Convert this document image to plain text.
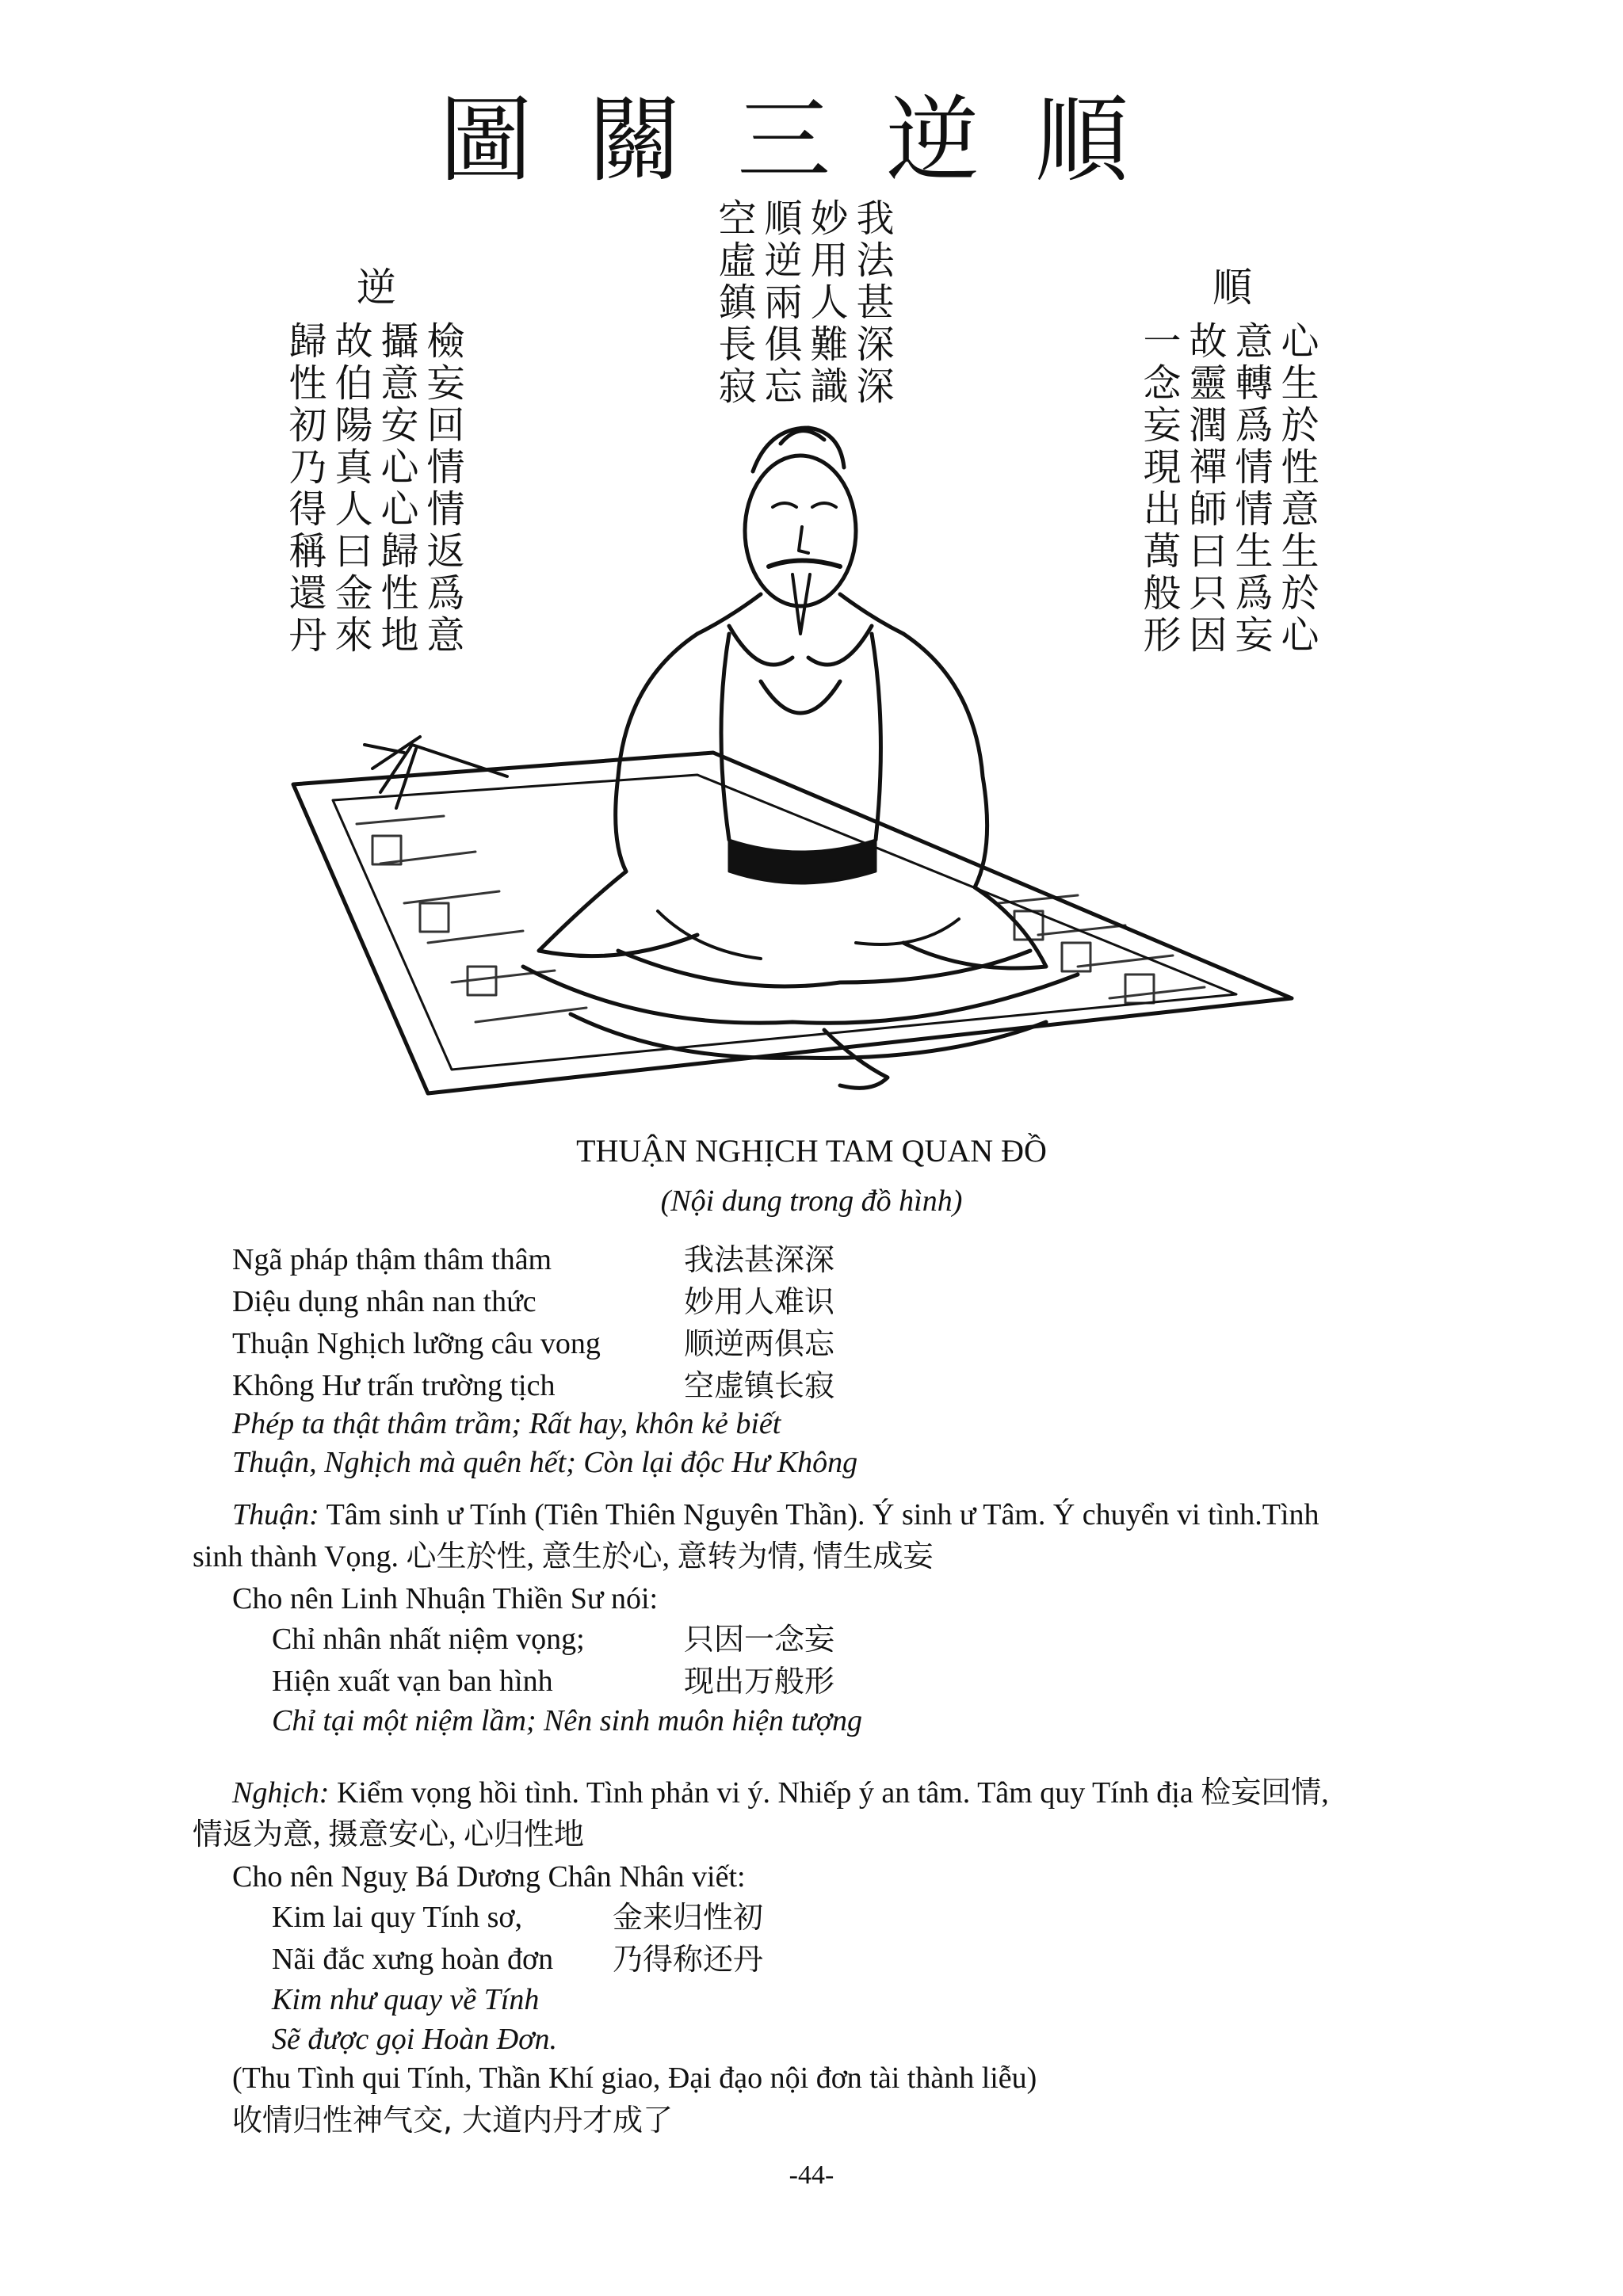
圖關三逆順
我法甚深深
妙用人難識
順逆兩俱忘
空虛鎮長寂
逆
檢妄回情情返爲意
攝意安心心歸性地
故伯陽真人曰金來
歸性初乃得稱還丹
順
心生於性意生於心
意轉爲情情生爲妄
故靈潤禪師曰只因
一念妄現出萬般形
THUẬN NGHỊCH TAM QUAN ĐỒ
(Nội dung trong đồ hình)
Ngã pháp thậm thâm thâm	我法甚深深
Diệu dụng nhân nan thức	妙用人难识
Thuận Nghịch lưỡng câu vong	顺逆两俱忘
Không Hư trấn trường tịch	空虚镇长寂
Phép ta thật thâm trầm; Rất hay, khôn kẻ biết
Thuận, Nghịch mà quên hết; Còn lại độc Hư Không
Thuận: Tâm sinh ư Tính (Tiên Thiên Nguyên Thần). Ý sinh ư Tâm. Ý chuyển vi tình.Tình
sinh thành Vọng. 心生於性, 意生於心, 意转为情, 情生成妄
Cho nên Linh Nhuận Thiền Sư nói:
Chỉ nhân nhất niệm vọng;	只因一念妄
Hiện xuất vạn ban hình	现出万般形
Chỉ tại một niệm lầm; Nên sinh muôn hiện tượng
Nghịch: Kiểm vọng hồi tình. Tình phản vi ý. Nhiếp ý an tâm. Tâm quy Tính địa 检妄回情,
情返为意, 摄意安心, 心归性地
Cho nên Nguỵ Bá Dương Chân Nhân viết:
Kim lai quy Tính sơ,	金来归性初
Nãi đắc xưng hoàn đơn 乃得称还丹
Kim như quay về Tính
Sẽ được gọi Hoàn Đơn.
(Thu Tình qui Tính, Thần Khí giao, Đại đạo nội đơn tài thành liễu)
收情归性神气交, 大道内丹才成了
-44-
